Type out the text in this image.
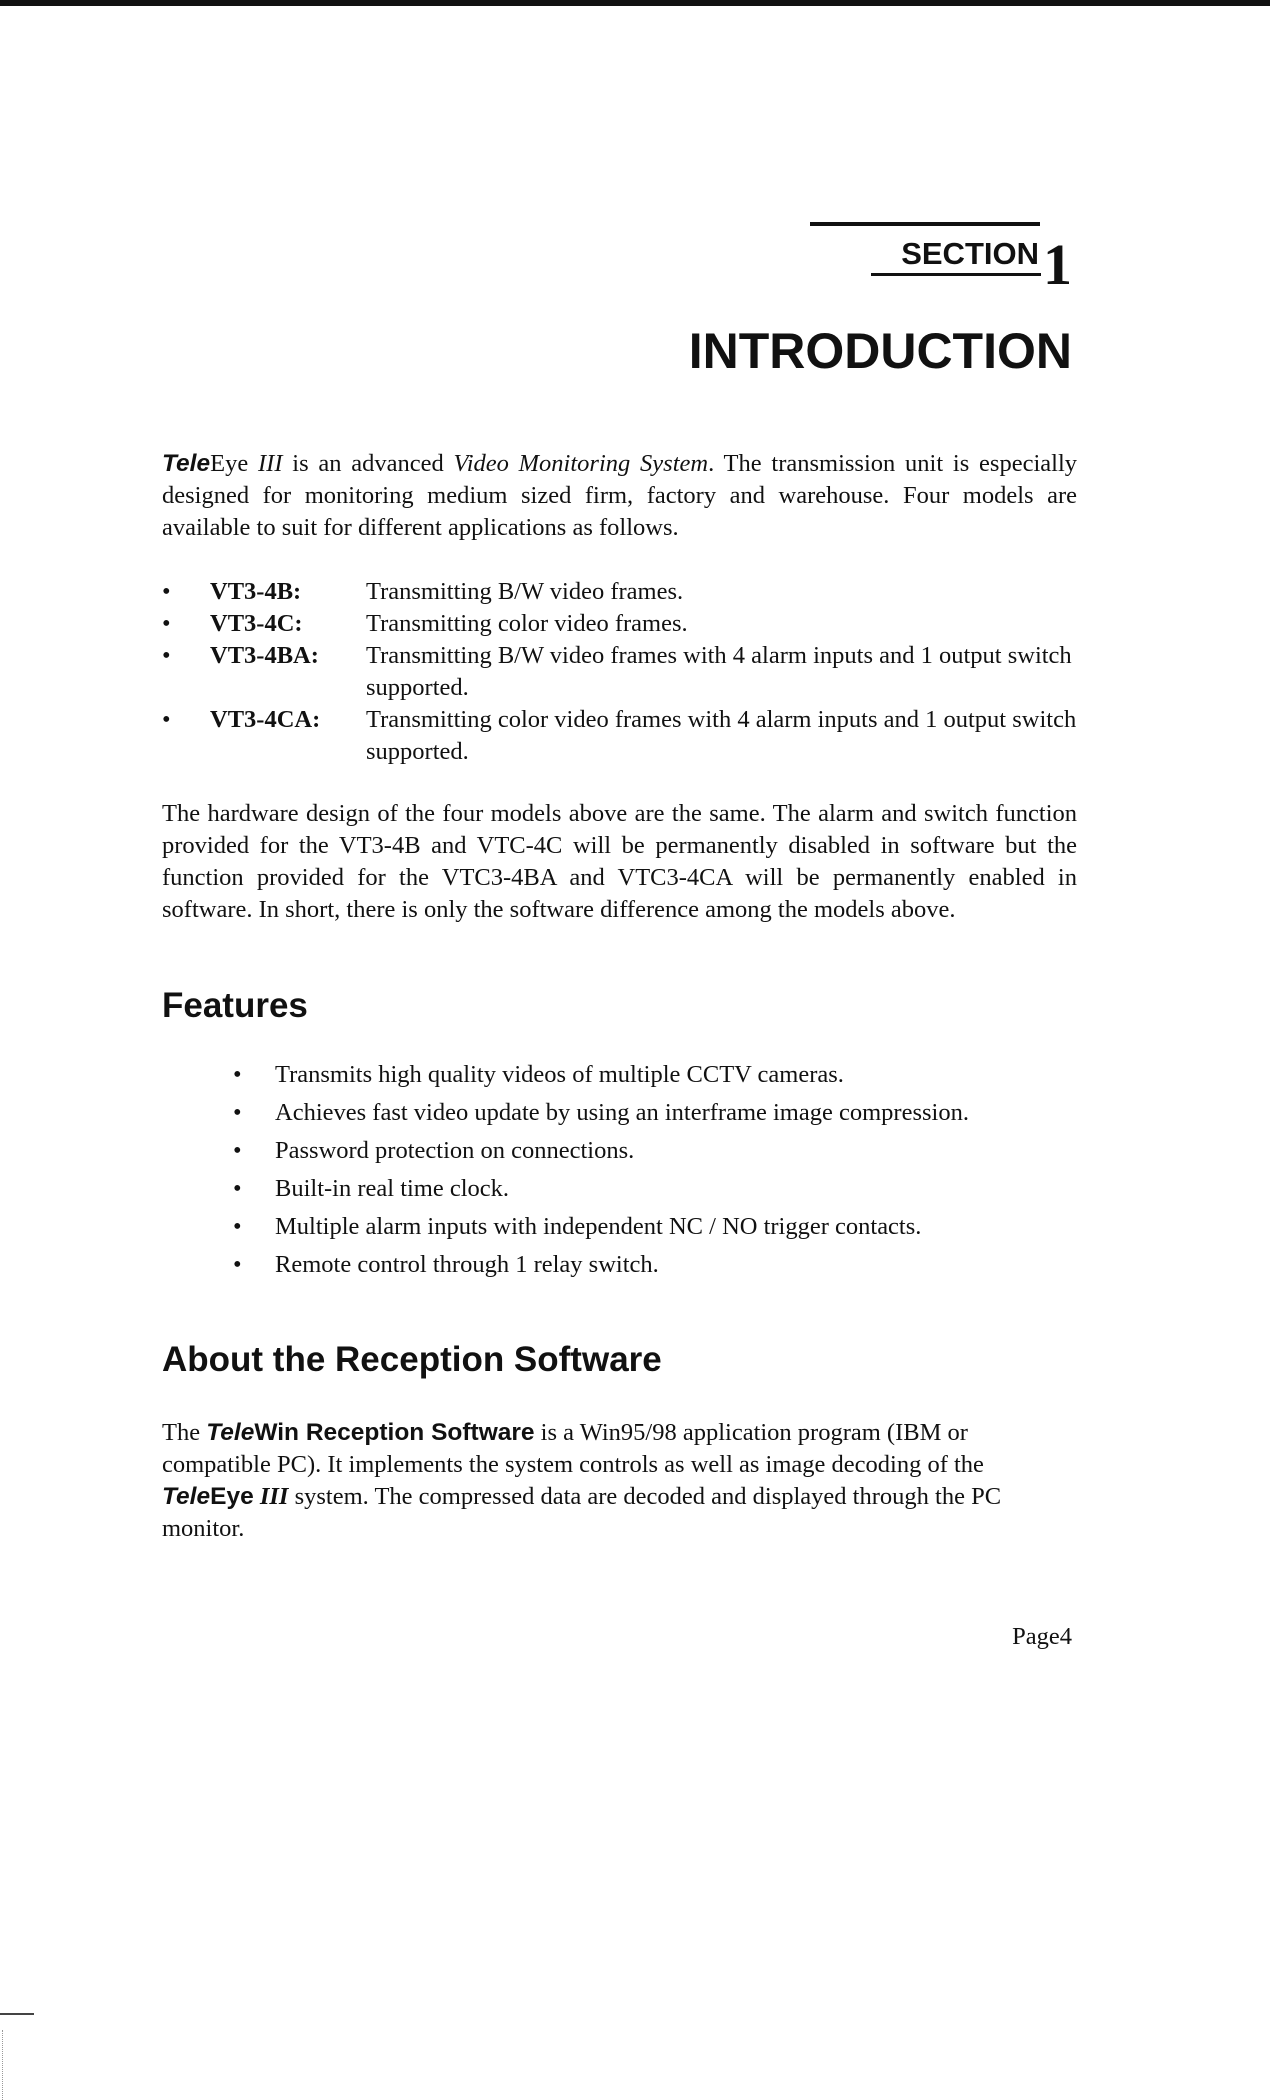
SECTION 1
INTRODUCTION

TeleEye III is an advanced Video Monitoring System. The transmission unit is especially designed for monitoring medium sized firm, factory and warehouse. Four models are available to suit for different applications as follows.

•	VT3-4B:	Transmitting B/W video frames.
•	VT3-4C:	Transmitting color video frames.
•	VT3-4BA:	Transmitting B/W video frames with 4 alarm inputs and 1 output switch supported.
•	VT3-4CA:	Transmitting color video frames with 4 alarm inputs and 1 output switch supported.

The hardware design of the four models above are the same. The alarm and switch function provided for the VT3-4B and VTC-4C will be permanently disabled in software but the function provided for the VTC3-4BA and VTC3-4CA will be permanently enabled in software. In short, there is only the software difference among the models above.

Features
•	Transmits high quality videos of multiple CCTV cameras.
•	Achieves fast video update by using an interframe image compression.
•	Password protection on connections.
•	Built-in real time clock.
•	Multiple alarm inputs with independent NC / NO trigger contacts.
•	Remote control through 1 relay switch.
About the Reception Software

The TeleWin Reception Software is a Win95/98 application program (IBM or compatible PC). It implements the system controls as well as image decoding of the TeleEye III system. The compressed data are decoded and displayed through the PC monitor.

Page4
